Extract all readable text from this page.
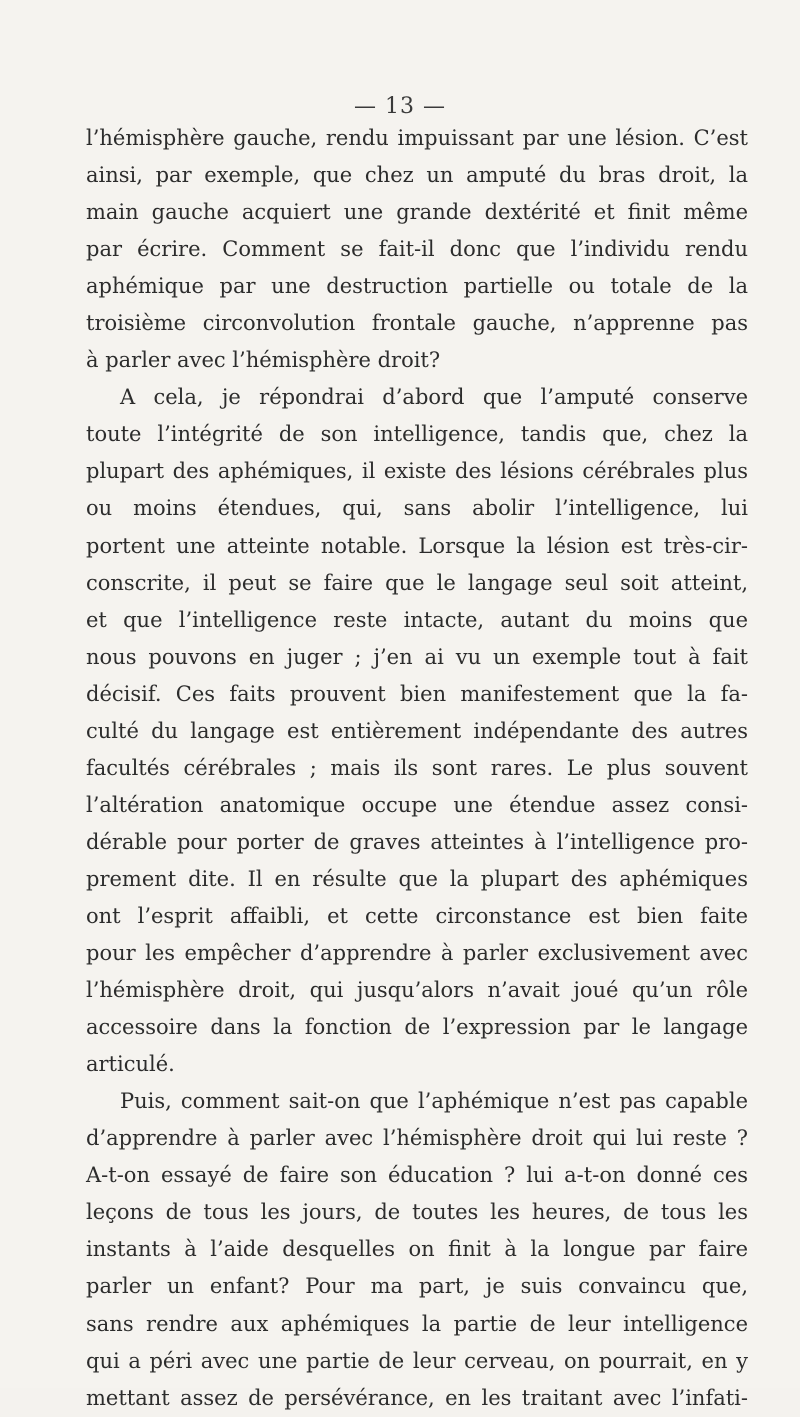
— 13 —
l’hémisphère gauche, rendu impuissant par une lésion. C’est
ainsi, par exemple, que chez un amputé du bras droit, la
main gauche acquiert une grande dextérité et finit même
par écrire. Comment se fait-il donc que l’individu rendu
aphémique par une destruction partielle ou totale de la
troisième circonvolution frontale gauche, n’apprenne pas
à parler avec l’hémisphère droit?
A cela, je répondrai d’abord que l’amputé conserve
toute l’intégrité de son intelligence, tandis que, chez la
plupart des aphémiques, il existe des lésions cérébrales plus
ou moins étendues, qui, sans abolir l’intelligence, lui
portent une atteinte notable. Lorsque la lésion est très-cir-
conscrite, il peut se faire que le langage seul soit atteint,
et que l’intelligence reste intacte, autant du moins que
nous pouvons en juger ; j’en ai vu un exemple tout à fait
décisif. Ces faits prouvent bien manifestement que la fa-
culté du langage est entièrement indépendante des autres
facultés cérébrales ; mais ils sont rares. Le plus souvent
l’altération anatomique occupe une étendue assez consi-
dérable pour porter de graves atteintes à l’intelligence pro-
prement dite. Il en résulte que la plupart des aphémiques
ont l’esprit affaibli, et cette circonstance est bien faite
pour les empêcher d’apprendre à parler exclusivement avec
l’hémisphère droit, qui jusqu’alors n’avait joué qu’un rôle
accessoire dans la fonction de l’expression par le langage
articulé.
Puis, comment sait-on que l’aphémique n’est pas capable
d’apprendre à parler avec l’hémisphère droit qui lui reste ?
A-t-on essayé de faire son éducation ? lui a-t-on donné ces
leçons de tous les jours, de toutes les heures, de tous les
instants à l’aide desquelles on finit à la longue par faire
parler un enfant? Pour ma part, je suis convaincu que,
sans rendre aux aphémiques la partie de leur intelligence
qui a péri avec une partie de leur cerveau, on pourrait, en y
mettant assez de persévérance, en les traitant avec l’infati-
